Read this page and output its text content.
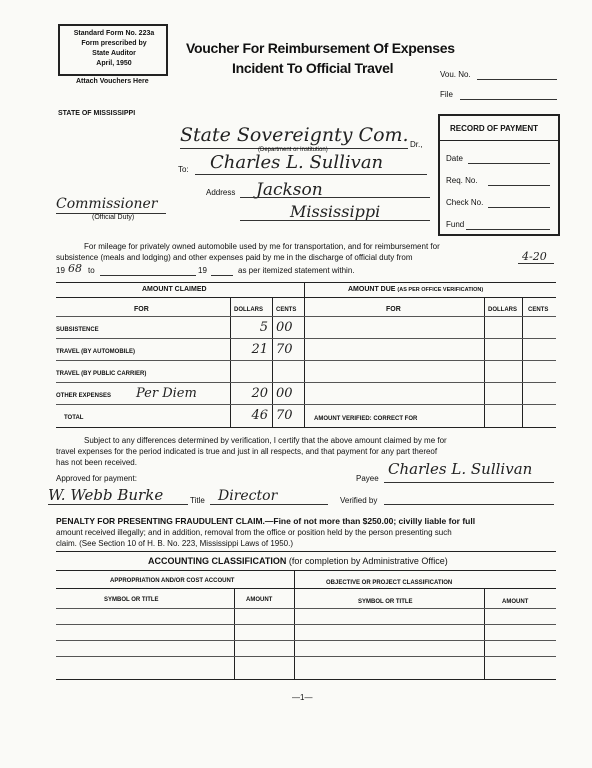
Standard Form No. 223a
Form prescribed by
State Auditor
April, 1950
Attach Vouchers Here
Voucher For Reimbursement Of Expenses
Incident To Official Travel	Vou. No.
File
STATE OF MISSISSIPPI
State Sovereignty Com. Dr.,
(Department or Institution)
To: Charles L. Sullivan
Address Jackson
Mississippi
Commissioner
(Official Duty)
RECORD OF PAYMENT
Date
Req. No.
Check No.
Fund
For mileage for privately owned automobile used by me for transportation, and for reimbursement for
subsistence (meals and lodging) and other expenses paid by me in the discharge of official duty from	4-20
19 68 to	19	as per itemized statement within.
AMOUNT CLAIMED	AMOUNT DUE (AS PER OFFICE VERIFICATION)
FOR	DOLLARS CENTS	FOR	DOLLARS CENTS
SUBSISTENCE	5 00
TRAVEL (BY AUTOMOBILE)	21 70
TRAVEL (BY PUBLIC CARRIER)
OTHER EXPENSES Per Diem	20 00
TOTAL	46 70	AMOUNT VERIFIED: CORRECT FOR
Subject to any differences determined by verification, I certify that the above amount claimed by me for
travel expenses for the period indicated is true and just in all respects, and that payment for any part thereof
has not been received.
Approved for payment:	Payee
Charles L. Sullivan
W. Webb Burke	Title Director	Verified by
PENALTY FOR PRESENTING FRAUDULENT CLAIM.—Fine of not more than $250.00; civilly liable for full
amount received illegally; and in addition, removal from the office or position held by the person presenting such
claim. (See Section 10 of H. B. No. 223, Mississippi Laws of 1950.)
ACCOUNTING CLASSIFICATION (for completion by Administrative Office)
APPROPRIATION AND/OR COST ACCOUNT	OBJECTIVE OR PROJECT CLASSIFICATION
SYMBOL OR TITLE	AMOUNT	SYMBOL OR TITLE	AMOUNT
—1—
